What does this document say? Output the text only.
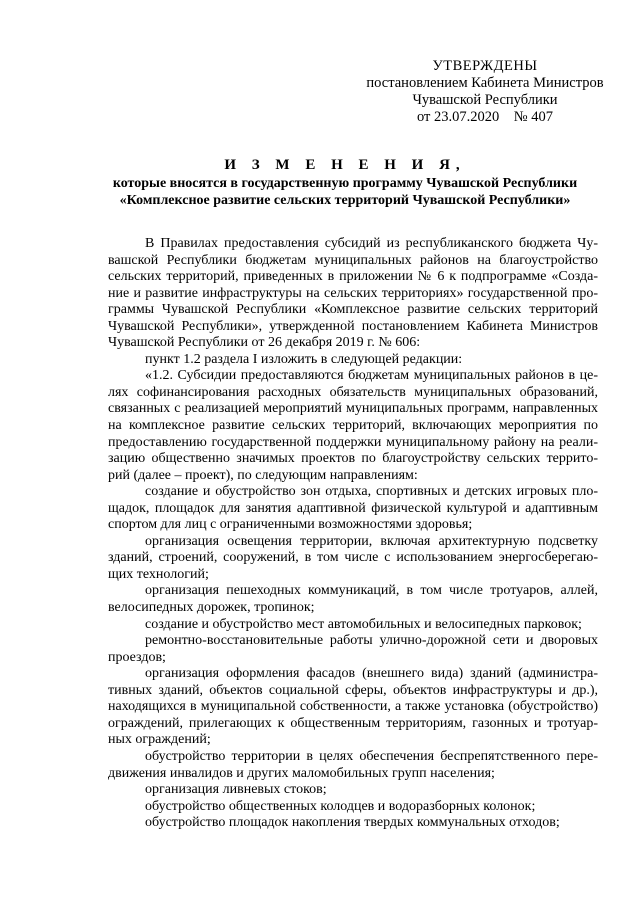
УТВЕРЖДЕНЫ
постановлением Кабинета Министров
Чувашской Республики
от 23.07.2020    № 407
И З М Е Н Е Н И Я,
которые вносятся в государственную программу Чувашской Республики
«Комплексное развитие сельских территорий Чувашской Республики»
В Правилах предоставления субсидий из республиканского бюджета Чу-
вашской Республики бюджетам муниципальных районов на благоустройство
сельских территорий, приведенных в приложении № 6 к подпрограмме «Созда-
ние и развитие инфраструктуры на сельских территориях» государственной про-
граммы Чувашской Республики «Комплексное развитие сельских территорий
Чувашской Республики», утвержденной постановлением Кабинета Министров
Чувашской Республики от 26 декабря 2019 г. № 606:
пункт 1.2 раздела I изложить в следующей редакции:
«1.2. Субсидии предоставляются бюджетам муниципальных районов в це-
лях софинансирования расходных обязательств муниципальных образований,
связанных с реализацией мероприятий муниципальных программ, направленных
на комплексное развитие сельских территорий, включающих мероприятия по
предоставлению государственной поддержки муниципальному району на реали-
зацию общественно значимых проектов по благоустройству сельских террито-
рий (далее – проект), по следующим направлениям:
создание и обустройство зон отдыха, спортивных и детских игровых пло-
щадок, площадок для занятия адаптивной физической культурой и адаптивным
спортом для лиц с ограниченными возможностями здоровья;
организация освещения территории, включая архитектурную подсветку
зданий, строений, сооружений, в том числе с использованием энергосберегаю-
щих технологий;
организация пешеходных коммуникаций, в том числе тротуаров, аллей,
велосипедных дорожек, тропинок;
создание и обустройство мест автомобильных и велосипедных парковок;
ремонтно-восстановительные работы улично-дорожной сети и дворовых
проездов;
организация оформления фасадов (внешнего вида) зданий (администра-
тивных зданий, объектов социальной сферы, объектов инфраструктуры и др.),
находящихся в муниципальной собственности, а также установка (обустройство)
ограждений, прилегающих к общественным территориям, газонных и тротуар-
ных ограждений;
обустройство территории в целях обеспечения беспрепятственного пере-
движения инвалидов и других маломобильных групп населения;
организация ливневых стоков;
обустройство общественных колодцев и водоразборных колонок;
обустройство площадок накопления твердых коммунальных отходов;
